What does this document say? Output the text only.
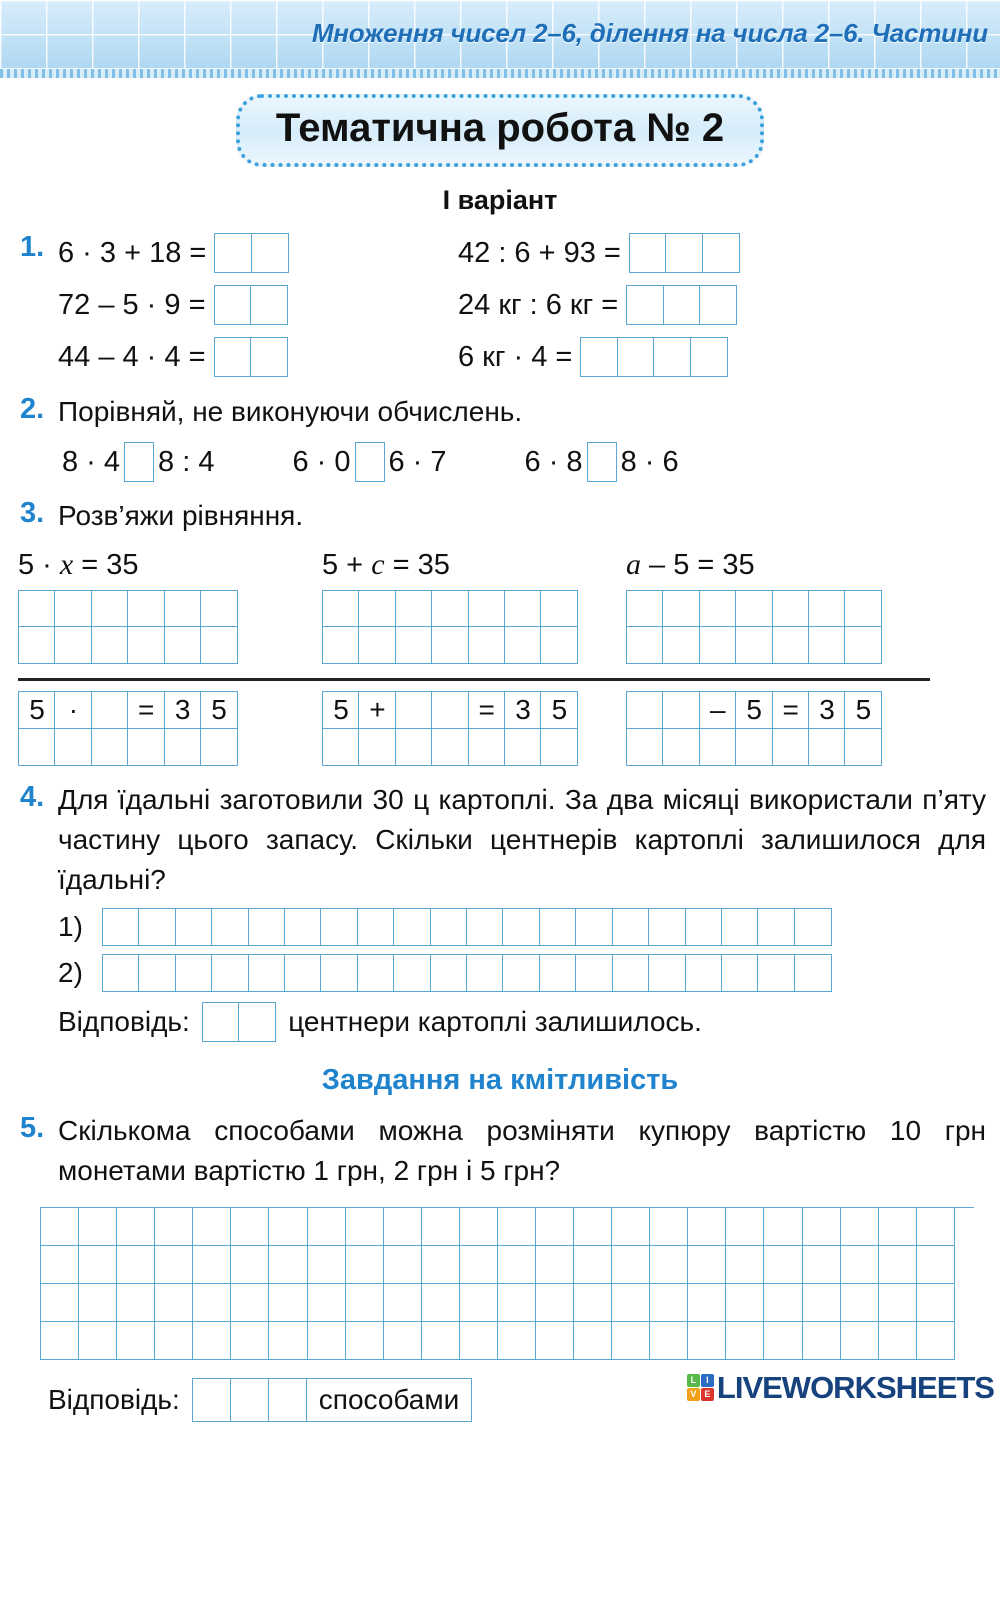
Множення чисел 2–6, ділення на числа 2–6. Частини
Тематична робота № 2
I варіант
1. 6 · 3 + 18 =	42 : 6 + 93 =
72 – 5 · 9 =	24 кг : 6 кг =
44 – 4 · 4 =	6 кг · 4 =
2. Порівняй, не виконуючи обчислень.
8 · 4 8 : 4	6 · 0 6 · 7	6 · 8 8 · 6
3. Розв’яжи рівняння.
5 · x = 35
5 ·	= 3 5
5 + c = 35
5 +	= 3 5
a – 5 = 35
– 5 = 3 5
4. Для їдальні заготовили 30 ц картоплі. За два місяці використали п’яту частину цього запасу. Скільки центнерів картоплі залишилося для їдальні?
1)
2)
Відповідь:	центнери картоплі залишилось.
Завдання на кмітливість
5. Скількома способами можна розміняти купюру вартістю 10 грн монетами вартістю 1 грн, 2 грн і 5 грн?
Відповідь:	способами
L	I
V E LIVEWORKSHEETS
